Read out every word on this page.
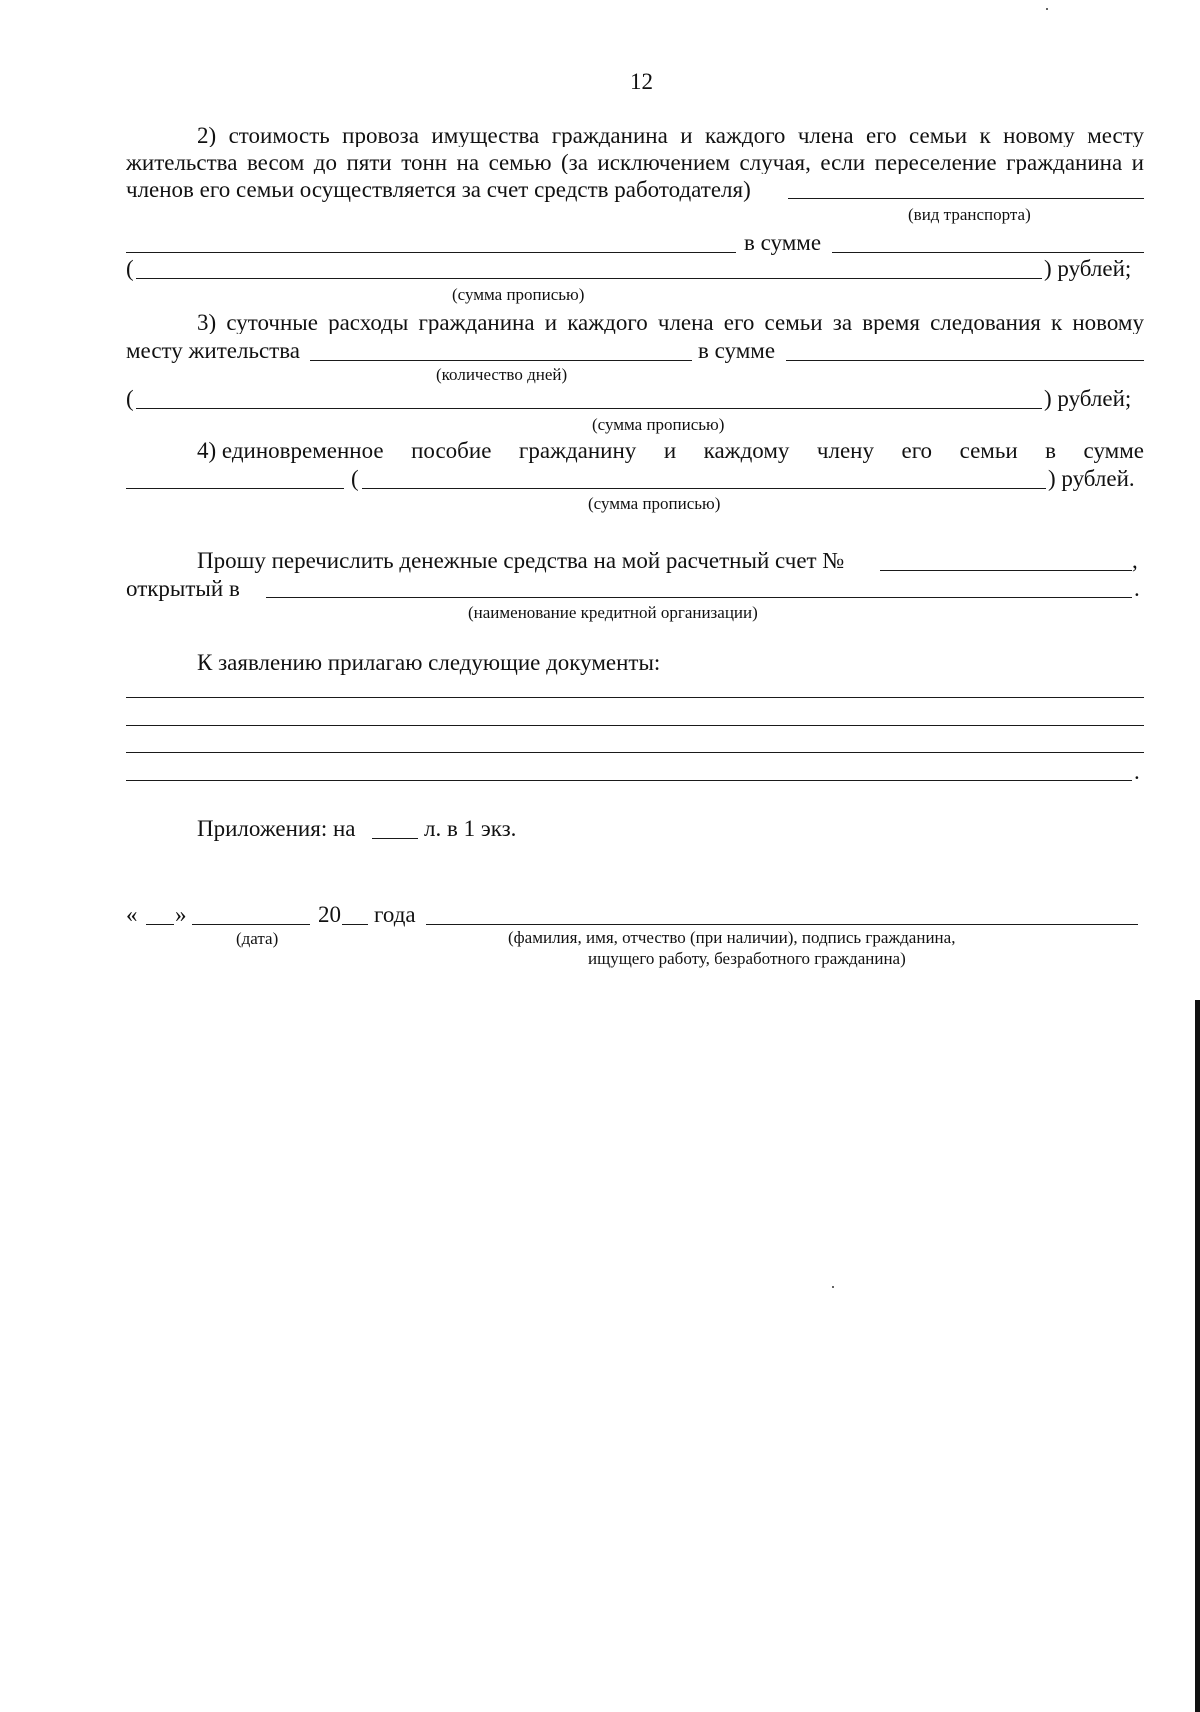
12
2) стоимость провоза имущества гражданина и каждого члена его семьи к новому месту
жительства весом до пяти тонн на семью (за исключением случая, если переселение гражданина и
членов его семьи осуществляется за счет средств работодателя)
(вид транспорта)
в сумме
(	) рублей;
(сумма прописью)
3) суточные расходы гражданина и каждого члена его семьи за время следования к новому
месту жительства	в сумме
(количество дней)
(	) рублей;
(сумма прописью)
4) единовременное пособие гражданину и каждому члену его семьи в сумме
(	) рублей.
(сумма прописью)
Прошу перечислить денежные средства на мой расчетный счет №	,
открытый в	.
(наименование кредитной организации)
К заявлению прилагаю следующие документы:
.
Приложения: на	л. в 1 экз.
« »	20 года
(дата)	(фамилия, имя, отчество (при наличии), подпись гражданина,
ищущего работу, безработного гражданина)
